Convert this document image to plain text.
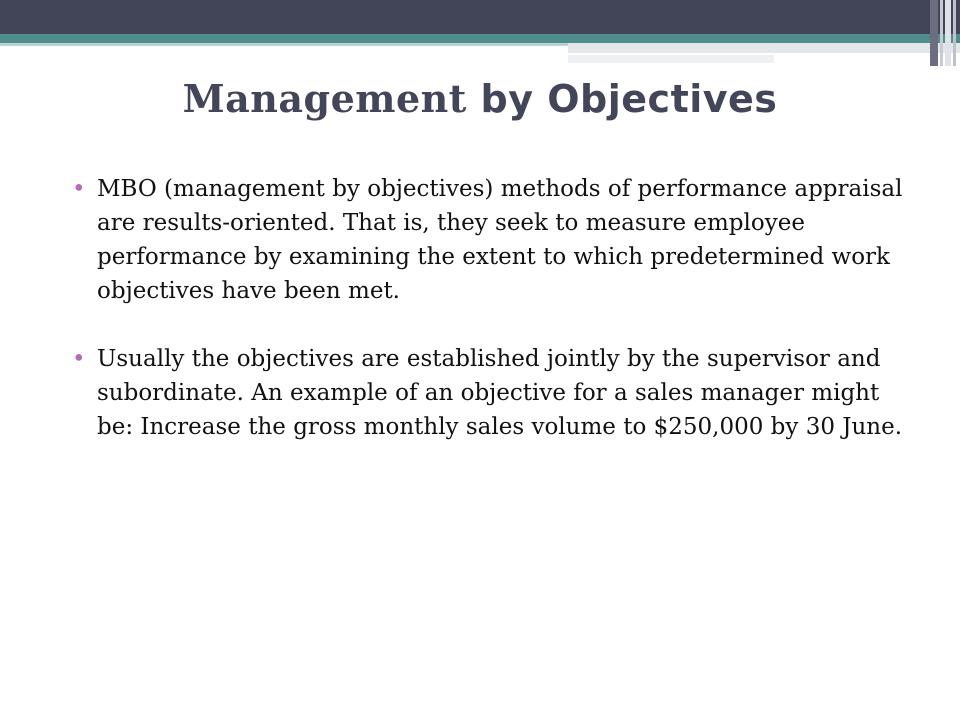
Management by Objectives
• MBO (management by objectives) methods of performance appraisal are results-oriented. That is, they seek to measure employee performance by examining the extent to which predetermined work objectives have been met.
• Usually the objectives are established jointly by the supervisor and subordinate. An example of an objective for a sales manager might be: Increase the gross monthly sales volume to $250,000 by 30 June.
